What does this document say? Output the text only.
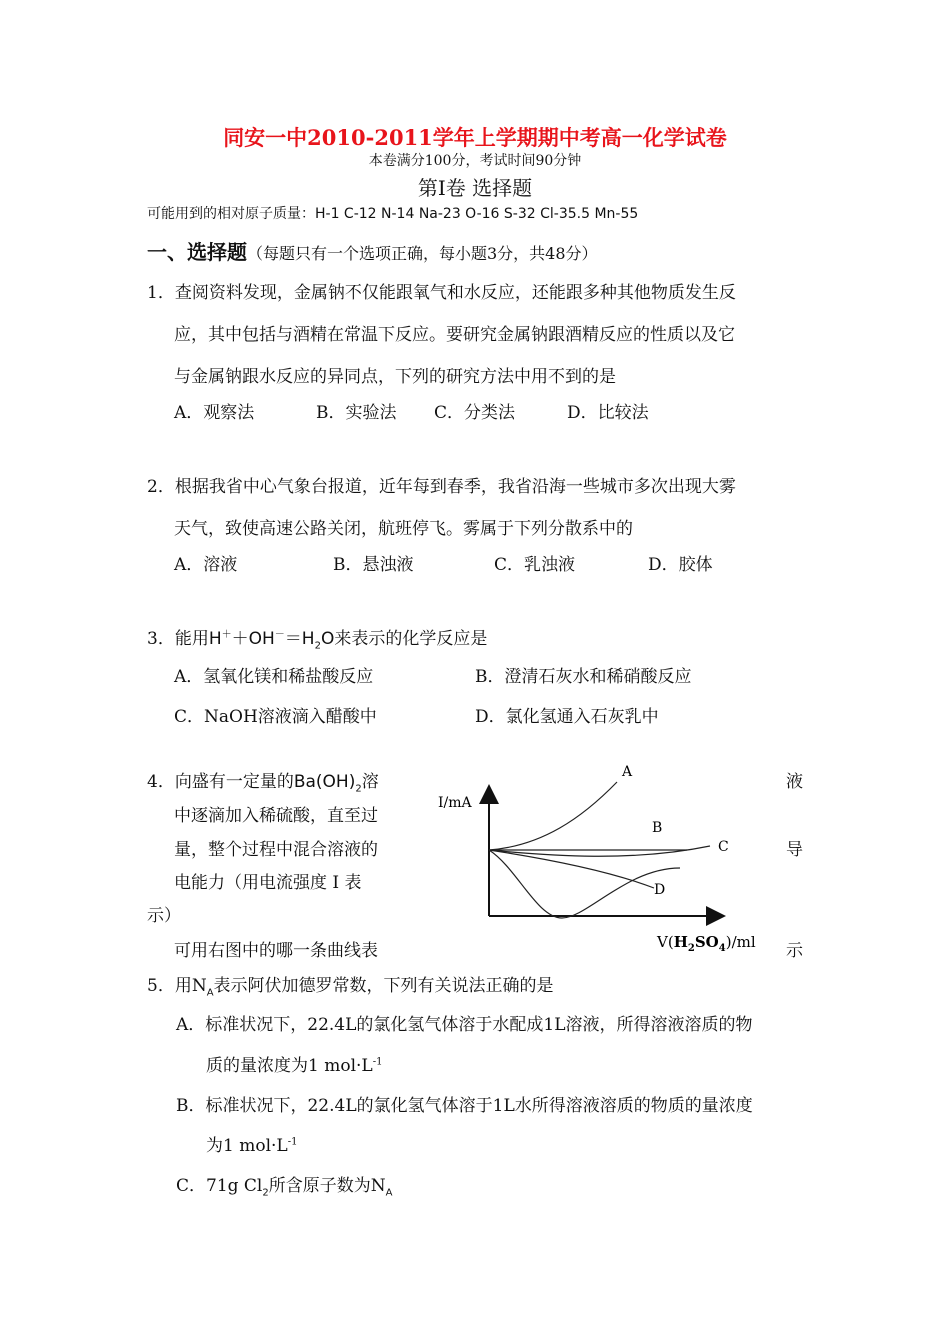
同安一中2010-2011学年上学期期中考高一化学试卷
本卷满分100分，考试时间90分钟
第Ⅰ卷 选择题
可能用到的相对原子质量：H-1 C-12 N-14 Na-23 O-16 S-32 Cl-35.5 Mn-55
一、选择题（每题只有一个选项正确，每小题3分，共48分）
1．查阅资料发现，金属钠不仅能跟氧气和水反应，还能跟多种其他物质发生反
应，其中包括与酒精在常温下反应。要研究金属钠跟酒精反应的性质以及它
与金属钠跟水反应的异同点，下列的研究方法中用不到的是
A．观察法	B．实验法 C．分类法	D．比较法
2．根据我省中心气象台报道，近年每到春季，我省沿海一些城市多次出现大雾
天气，致使高速公路关闭，航班停飞。雾属于下列分散系中的
A．溶液	B．悬浊液	C．乳浊液	D．胶体
3．能用$H^++OH^-=H_2O$来表示的化学反应是
A．氢氧化镁和稀盐酸反应	B．澄清石灰水和稀硝酸反应
C．NaOH溶液滴入醋酸中	D．氯化氢通入石灰乳中
4．向盛有一定量的$Ba(OH)_2$溶	液
中逐滴加入稀硫酸，直至过
量，整个过程中混合溶液的	导
电能力（用电流强度 I 表
示）
可用右图中的哪一条曲线表	示
I/mA
A
B
C
D
$V(H_2SO_4)/ml$
5．用$N_A$表示阿伏加德罗常数，下列有关说法正确的是
A．标准状况下，22.4L的氯化氢气体溶于水配成1L溶液，所得溶液溶质的物
质的量浓度为1 $mol\cdot L^{-1}$
B．标准状况下，22.4L的氯化氢气体溶于1L水所得溶液溶质的物质的量浓度
为1 $mol\cdot L^{-1}$
C．71g $Cl_2$所含原子数为$N_A$
